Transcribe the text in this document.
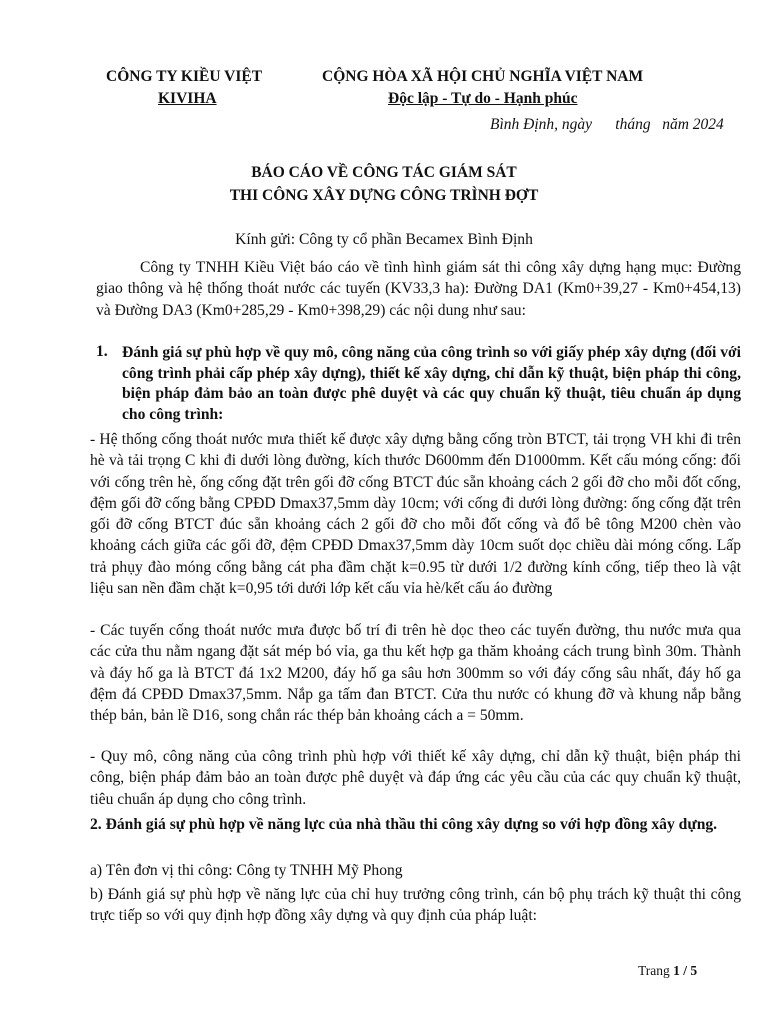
CÔNG TY KIỀU VIỆT
KIVIHA
CỘNG HÒA XÃ HỘI CHỦ NGHĨA VIỆT NAM
Độc lập - Tự do - Hạnh phúc
Bình Định, ngày      tháng   năm 2024
BÁO CÁO VỀ CÔNG TÁC GIÁM SÁT
THI CÔNG XÂY DỰNG CÔNG TRÌNH ĐỢT
Kính gửi: Công ty cổ phần Becamex Bình Định
Công ty TNHH Kiều Việt báo cáo về tình hình giám sát thi công xây dựng hạng mục: Đường giao thông và hệ thống thoát nước các tuyến (KV33,3 ha): Đường DA1 (Km0+39,27 - Km0+454,13) và Đường DA3 (Km0+285,29 - Km0+398,29) các nội dung như sau:
1. Đánh giá sự phù hợp về quy mô, công năng của công trình so với giấy phép xây dựng (đối với công trình phải cấp phép xây dựng), thiết kế xây dựng, chỉ dẫn kỹ thuật, biện pháp thi công, biện pháp đảm bảo an toàn được phê duyệt và các quy chuẩn kỹ thuật, tiêu chuẩn áp dụng cho công trình:
- Hệ thống cống thoát nước mưa thiết kế được xây dựng bằng cống tròn BTCT, tải trọng VH khi đi trên hè và tải trọng C khi đi dưới lòng đường, kích thước D600mm đến D1000mm. Kết cấu móng cống: đối với cống trên hè, ống cống đặt trên gối đỡ cống BTCT đúc sẵn khoảng cách 2 gối đỡ cho mỗi đốt cống, đệm gối đỡ cống bằng CPĐD Dmax37,5mm dày 10cm; với cống đi dưới lòng đường: ống cống đặt trên gối đỡ cống BTCT đúc sẵn khoảng cách 2 gối đỡ cho mỗi đốt cống và đổ bê tông M200 chèn vào khoảng cách giữa các gối đỡ, đệm CPĐD Dmax37,5mm dày 10cm suốt dọc chiều dài móng cống. Lấp trả phụy đào móng cống bằng cát pha đầm chặt k=0.95 từ dưới 1/2 đường kính cống, tiếp theo là vật liệu san nền đầm chặt k=0,95 tới dưới lớp kết cấu vỉa hè/kết cấu áo đường
- Các tuyến cống thoát nước mưa được bố trí đi trên hè dọc theo các tuyến đường, thu nước mưa qua các cửa thu nằm ngang đặt sát mép bó vỉa, ga thu kết hợp ga thăm khoảng cách trung bình 30m. Thành và đáy hố ga là BTCT đá 1x2 M200, đáy hố ga sâu hơn 300mm so với đáy cống sâu nhất, đáy hố ga đệm đá CPĐD Dmax37,5mm. Nắp ga tấm đan BTCT. Cửa thu nước có khung đỡ và khung nắp bằng thép bản, bản lề D16, song chắn rác thép bản khoảng cách a = 50mm.
- Quy mô, công năng của công trình phù hợp với thiết kế xây dựng, chỉ dẫn kỹ thuật, biện pháp thi công, biện pháp đảm bảo an toàn được phê duyệt và đáp ứng các yêu cầu của các quy chuẩn kỹ thuật, tiêu chuẩn áp dụng cho công trình.
2. Đánh giá sự phù hợp về năng lực của nhà thầu thi công xây dựng so với hợp đồng xây dựng.
a) Tên đơn vị thi công: Công ty TNHH Mỹ Phong
b) Đánh giá sự phù hợp về năng lực của chỉ huy trưởng công trình, cán bộ phụ trách kỹ thuật thi công trực tiếp so với quy định hợp đồng xây dựng và quy định của pháp luật:
Trang 1 / 5
